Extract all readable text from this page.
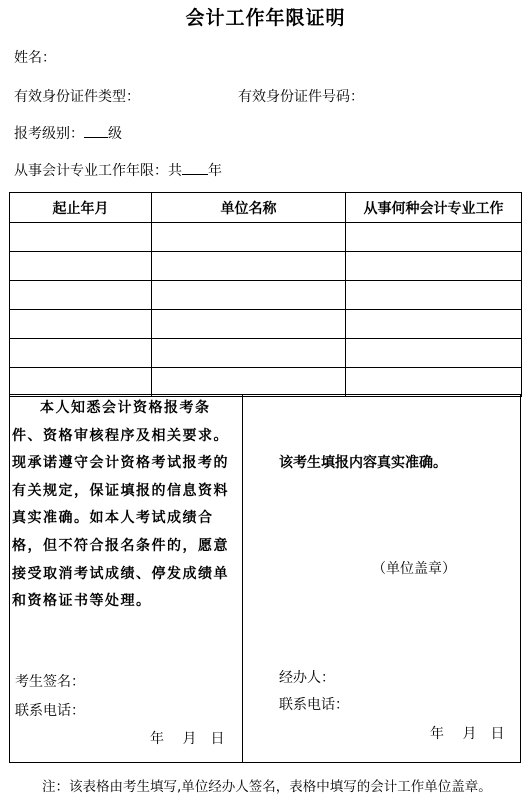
会计工作年限证明
姓名：
有效身份证件类型：	有效身份证件号码：
报考级别： 级
从事会计专业工作年限：共 年
起止年月	单位名称	从事何种会计专业工作

本人知悉会计资格报考条
件、资格审核程序及相关要求。
现承诺遵守会计资格考试报考的
有关规定，保证填报的信息资料
真实准确。如本人考试成绩合
格，但不符合报名条件的，愿意
接受取消考试成绩、停发成绩单
和资格证书等处理。
考生签名：
联系电话：
年　 月　日
该考生填报内容真实准确。
（单位盖章）
经办人：
联系电话：
年　 月　日
注：该表格由考生填写,单位经办人签名，表格中填写的会计工作单位盖章。
